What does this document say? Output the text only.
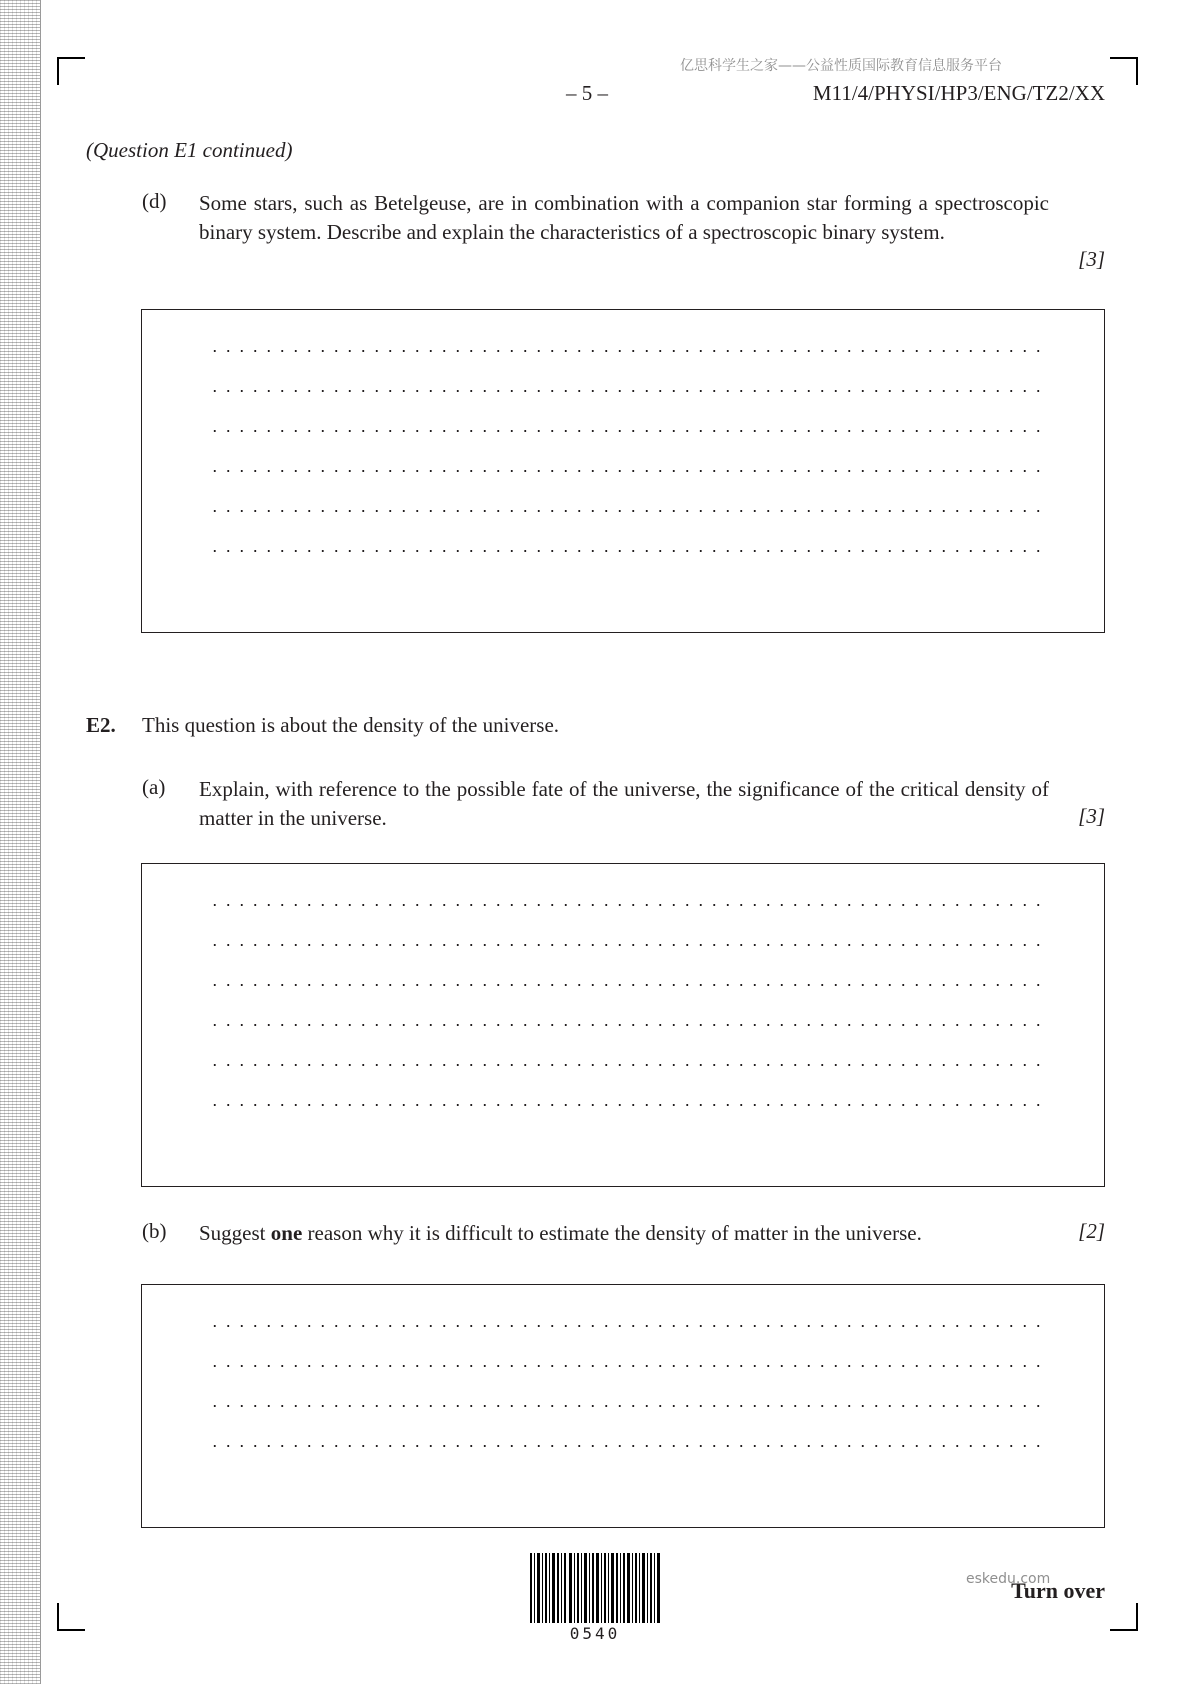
亿思科学生之家——公益性质国际教育信息服务平台
– 5 –	M11/4/PHYSI/HP3/ENG/TZ2/XX
(Question E1 continued)
(d) Some stars, such as Betelgeuse, are in combination with a companion star forming a spectroscopic binary system. Describe and explain the characteristics of a spectroscopic binary system.
[3]
E2. This question is about the density of the universe.
(a) Explain, with reference to the possible fate of the universe, the significance of the critical density of matter in the universe.	[3]
(b) Suggest one reason why it is difficult to estimate the density of matter in the universe.	[2]
0540
eskedu.com
Turn over
